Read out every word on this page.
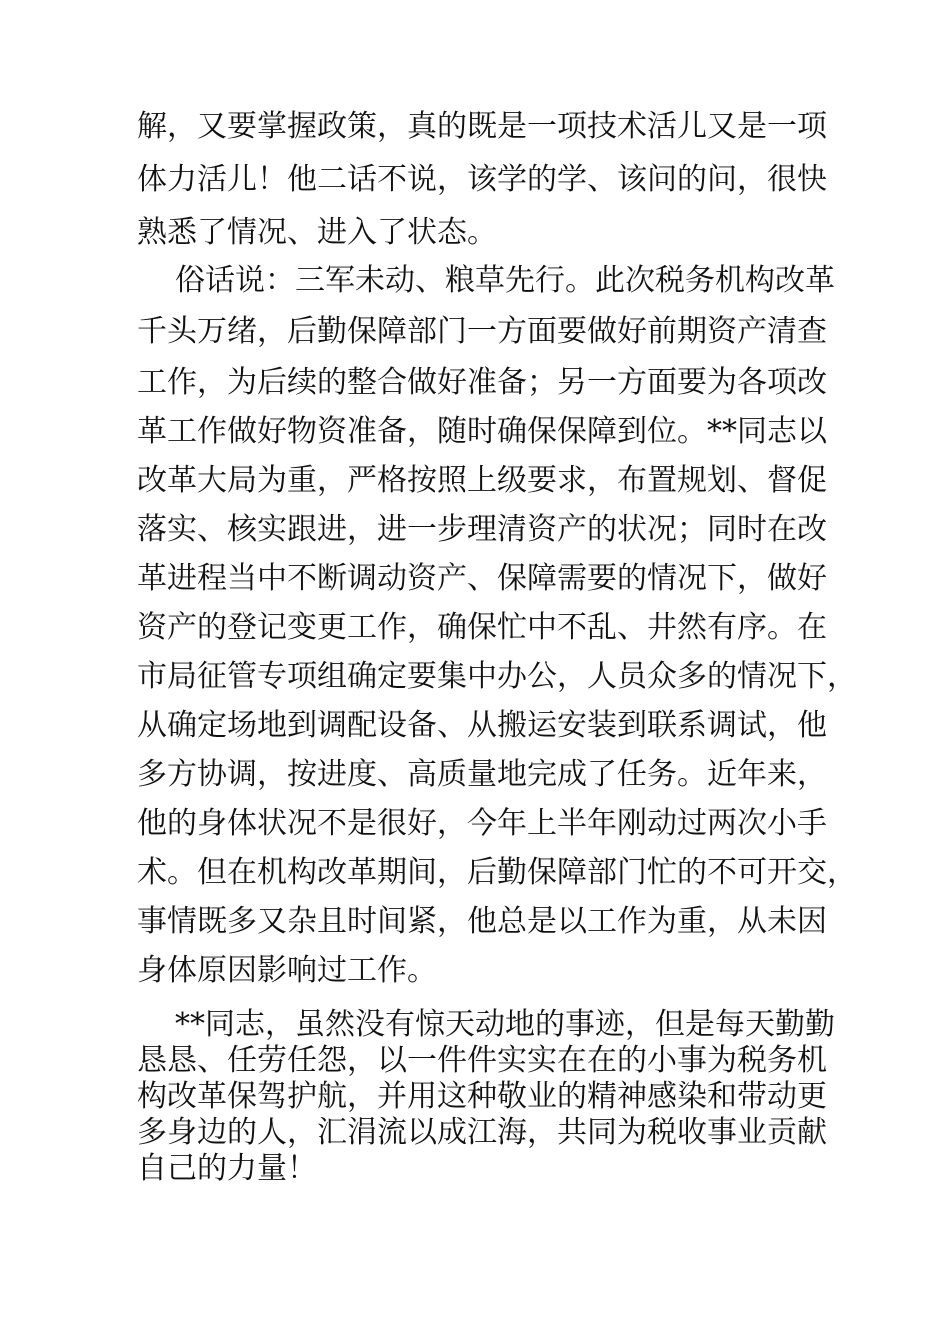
解，又要掌握政策，真的既是一项技术活儿又是一项
体力活儿！他二话不说，该学的学、该问的问，很快
熟悉了情况、进入了状态。
俗话说：三军未动、粮草先行。此次税务机构改革
千头万绪，后勤保障部门一方面要做好前期资产清查
工作，为后续的整合做好准备；另一方面要为各项改
革工作做好物资准备，随时确保保障到位。**同志以
改革大局为重，严格按照上级要求，布置规划、督促
落实、核实跟进，进一步理清资产的状况；同时在改
革进程当中不断调动资产、保障需要的情况下，做好
资产的登记变更工作，确保忙中不乱、井然有序。在
市局征管专项组确定要集中办公，人员众多的情况下，
从确定场地到调配设备、从搬运安装到联系调试，他
多方协调，按进度、高质量地完成了任务。近年来，
他的身体状况不是很好，今年上半年刚动过两次小手
术。但在机构改革期间，后勤保障部门忙的不可开交，
事情既多又杂且时间紧，他总是以工作为重，从未因
身体原因影响过工作。
**同志，虽然没有惊天动地的事迹，但是每天勤勤
恳恳、任劳任怨，以一件件实实在在的小事为税务机
构改革保驾护航，并用这种敬业的精神感染和带动更
多身边的人，汇涓流以成江海，共同为税收事业贡献
自己的力量！
